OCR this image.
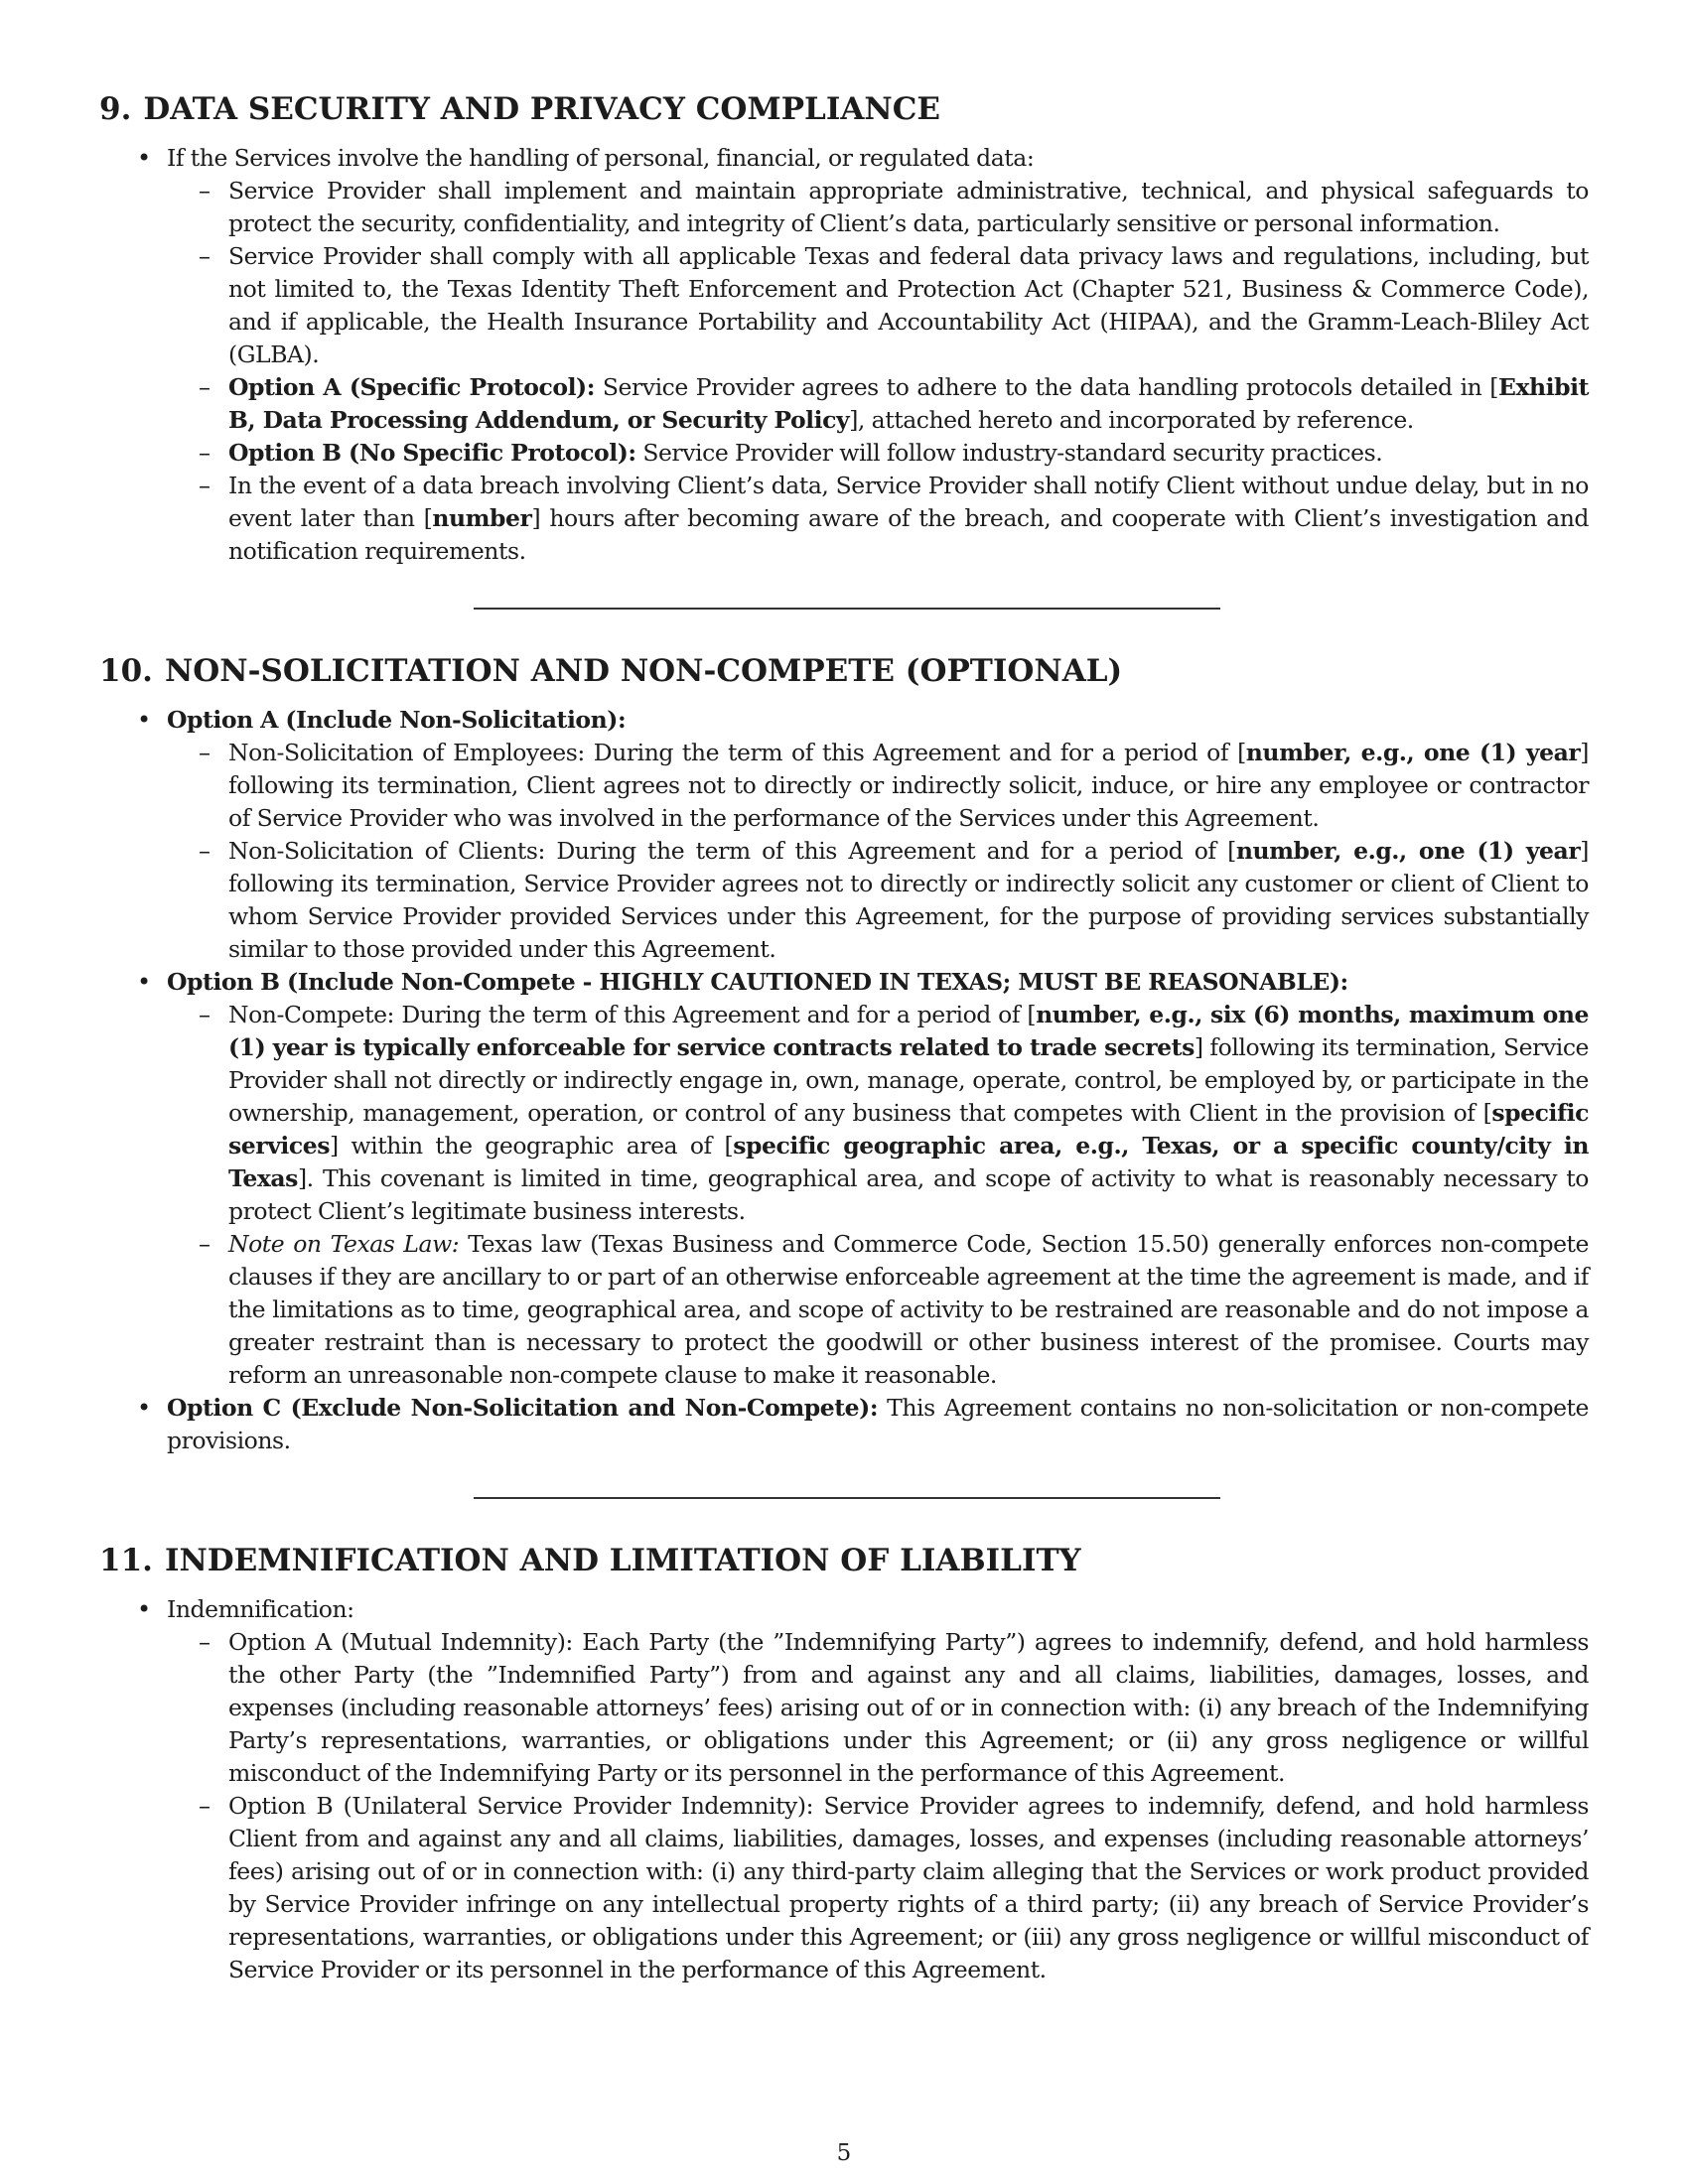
9. DATA SECURITY AND PRIVACY COMPLIANCE

• If the Services involve the handling of personal, financial, or regulated data:

– Service Provider shall implement and maintain appropriate administrative, technical, and physical safeguards to protect the security, confidentiality, and integrity of Client’s data, particularly sensitive or personal information.

– Service Provider shall comply with all applicable Texas and federal data privacy laws and regulations, including, but not limited to, the Texas Identity Theft Enforcement and Protection Act (Chapter 521, Business & Commerce Code), and if applicable, the Health Insurance Portability and Accountability Act (HIPAA), and the Gramm-Leach-Bliley Act (GLBA).

– Option A (Specific Protocol): Service Provider agrees to adhere to the data handling protocols detailed in [Exhibit B, Data Processing Addendum, or Security Policy], attached hereto and incorporated by reference.

– Option B (No Specific Protocol): Service Provider will follow industry-standard security practices.

– In the event of a data breach involving Client’s data, Service Provider shall notify Client without undue delay, but in no event later than [number] hours after becoming aware of the breach, and cooperate with Client’s investigation and notification requirements.

10. NON-SOLICITATION AND NON-COMPETE (OPTIONAL)

• Option A (Include Non-Solicitation):

– Non-Solicitation of Employees: During the term of this Agreement and for a period of [number, e.g., one (1) year] following its termination, Client agrees not to directly or indirectly solicit, induce, or hire any employee or contractor of Service Provider who was involved in the performance of the Services under this Agreement.

– Non-Solicitation of Clients: During the term of this Agreement and for a period of [number, e.g., one (1) year] following its termination, Service Provider agrees not to directly or indirectly solicit any customer or client of Client to whom Service Provider provided Services under this Agreement, for the purpose of providing services substantially similar to those provided under this Agreement.

• Option B (Include Non-Compete - HIGHLY CAUTIONED IN TEXAS; MUST BE REASONABLE):

– Non-Compete: During the term of this Agreement and for a period of [number, e.g., six (6) months, maximum one (1) year is typically enforceable for service contracts related to trade secrets] following its termination, Service Provider shall not directly or indirectly engage in, own, manage, operate, control, be employed by, or participate in the ownership, management, operation, or control of any business that competes with Client in the provision of [specific services] within the geographic area of [specific geographic area, e.g., Texas, or a specific county/city in Texas]. This covenant is limited in time, geographical area, and scope of activity to what is reasonably necessary to protect Client’s legitimate business interests.

– Note on Texas Law: Texas law (Texas Business and Commerce Code, Section 15.50) generally enforces non-compete clauses if they are ancillary to or part of an otherwise enforceable agreement at the time the agreement is made, and if the limitations as to time, geographical area, and scope of activity to be restrained are reasonable and do not impose a greater restraint than is necessary to protect the goodwill or other business interest of the promisee. Courts may reform an unreasonable non-compete clause to make it reasonable.

• Option C (Exclude Non-Solicitation and Non-Compete): This Agreement contains no non-solicitation or non-compete provisions.

11. INDEMNIFICATION AND LIMITATION OF LIABILITY

• Indemnification:

– Option A (Mutual Indemnity): Each Party (the ”Indemnifying Party”) agrees to indemnify, defend, and hold harmless the other Party (the ”Indemnified Party”) from and against any and all claims, liabilities, damages, losses, and expenses (including reasonable attorneys’ fees) arising out of or in connection with: (i) any breach of the Indemnifying Party’s representations, warranties, or obligations under this Agreement; or (ii) any gross negligence or willful misconduct of the Indemnifying Party or its personnel in the performance of this Agreement.

– Option B (Unilateral Service Provider Indemnity): Service Provider agrees to indemnify, defend, and hold harmless Client from and against any and all claims, liabilities, damages, losses, and expenses (including reasonable attorneys’ fees) arising out of or in connection with: (i) any third-party claim alleging that the Services or work product provided by Service Provider infringe on any intellectual property rights of a third party; (ii) any breach of Service Provider’s representations, warranties, or obligations under this Agreement; or (iii) any gross negligence or willful misconduct of Service Provider or its personnel in the performance of this Agreement.

5
